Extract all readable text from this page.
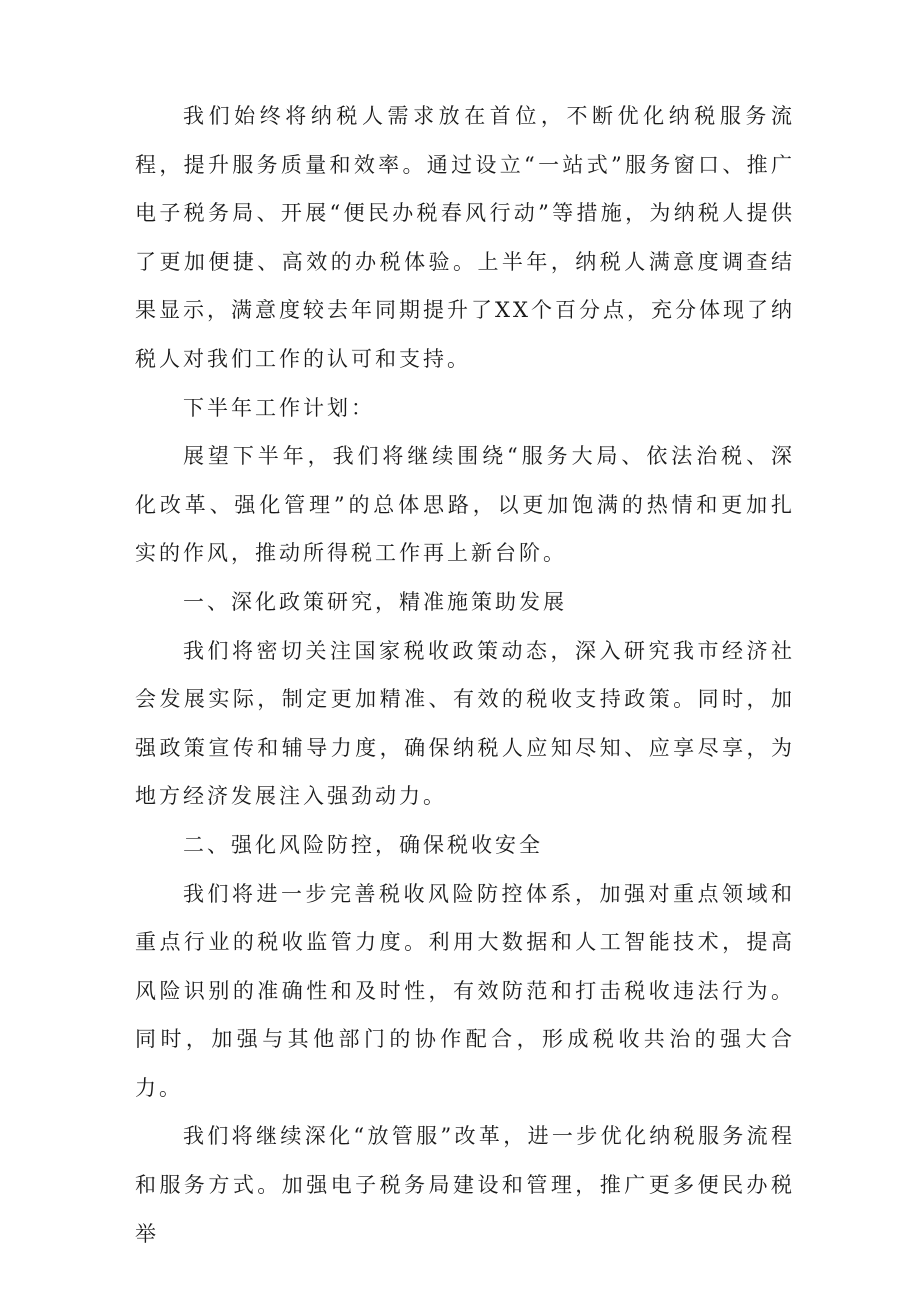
我们始终将纳税人需求放在首位，不断优化纳税服务流程，提升服务质量和效率。通过设立“一站式”服务窗口、推广电子税务局、开展“便民办税春风行动”等措施，为纳税人提供了更加便捷、高效的办税体验。上半年，纳税人满意度调查结果显示，满意度较去年同期提升了XX个百分点，充分体现了纳税人对我们工作的认可和支持。

下半年工作计划：

展望下半年，我们将继续围绕“服务大局、依法治税、深化改革、强化管理”的总体思路，以更加饱满的热情和更加扎实的作风，推动所得税工作再上新台阶。

一、深化政策研究，精准施策助发展

我们将密切关注国家税收政策动态，深入研究我市经济社会发展实际，制定更加精准、有效的税收支持政策。同时，加强政策宣传和辅导力度，确保纳税人应知尽知、应享尽享，为地方经济发展注入强劲动力。

二、强化风险防控，确保税收安全

我们将进一步完善税收风险防控体系，加强对重点领域和重点行业的税收监管力度。利用大数据和人工智能技术，提高风险识别的准确性和及时性，有效防范和打击税收违法行为。同时，加强与其他部门的协作配合，形成税收共治的强大合力。

我们将继续深化“放管服”改革，进一步优化纳税服务流程和服务方式。加强电子税务局建设和管理，推广更多便民办税举
